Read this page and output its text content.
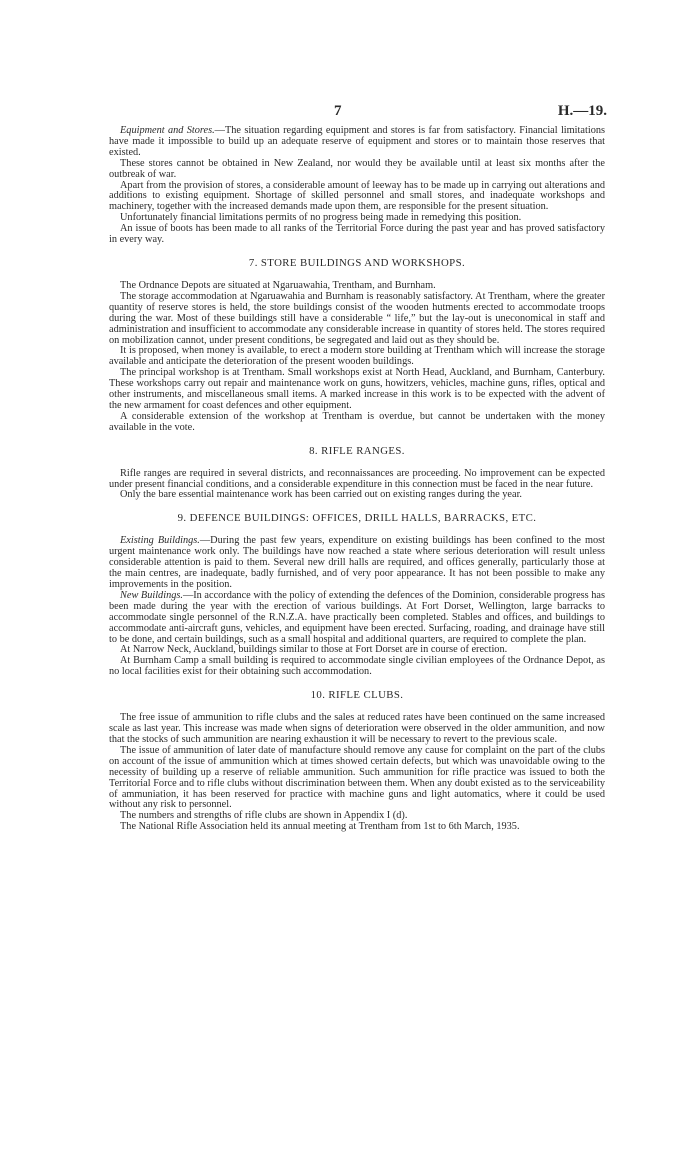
7	H.—19.

Equipment and Stores.—The situation regarding equipment and stores is far from satisfactory. Financial limitations have made it impossible to build up an adequate reserve of equipment and stores or to maintain those reserves that existed.

These stores cannot be obtained in New Zealand, nor would they be available until at least six months after the outbreak of war.

Apart from the provision of stores, a considerable amount of leeway has to be made up in carrying out alterations and additions to existing equipment. Shortage of skilled personnel and small stores, and inadequate workshops and machinery, together with the increased demands made upon them, are responsible for the present situation.

Unfortunately financial limitations permits of no progress being made in remedying this position.

An issue of boots has been made to all ranks of the Territorial Force during the past year and has proved satisfactory in every way.

7. STORE BUILDINGS AND WORKSHOPS.

The Ordnance Depots are situated at Ngaruawahia, Trentham, and Burnham.

The storage accommodation at Ngaruawahia and Burnham is reasonably satisfactory. At Trentham, where the greater quantity of reserve stores is held, the store buildings consist of the wooden hutments erected to accommodate troops during the war. Most of these buildings still have a considerable “ life,” but the lay-out is uneconomical in staff and administration and insufficient to accommodate any considerable increase in quantity of stores held. The stores required on mobilization cannot, under present conditions, be segregated and laid out as they should be.

It is proposed, when money is available, to erect a modern store building at Trentham which will increase the storage available and anticipate the deterioration of the present wooden buildings.

The principal workshop is at Trentham. Small workshops exist at North Head, Auckland, and Burnham, Canterbury. These workshops carry out repair and maintenance work on guns, howitzers, vehicles, machine guns, rifles, optical and other instruments, and miscellaneous small items. A marked increase in this work is to be expected with the advent of the new armament for coast defences and other equipment.

A considerable extension of the workshop at Trentham is overdue, but cannot be undertaken with the money available in the vote.

8. RIFLE RANGES.

Rifle ranges are required in several districts, and reconnaissances are proceeding. No improvement can be expected under present financial conditions, and a considerable expenditure in this connection must be faced in the near future.

Only the bare essential maintenance work has been carried out on existing ranges during the year.

9. DEFENCE BUILDINGS: OFFICES, DRILL HALLS, BARRACKS, ETC.

Existing Buildings.—During the past few years, expenditure on existing buildings has been confined to the most urgent maintenance work only. The buildings have now reached a state where serious deterioration will result unless considerable attention is paid to them. Several new drill halls are required, and offices generally, particularly those at the main centres, are inadequate, badly furnished, and of very poor appearance. It has not been possible to make any improvements in the position.

New Buildings.—In accordance with the policy of extending the defences of the Dominion, considerable progress has been made during the year with the erection of various buildings. At Fort Dorset, Wellington, large barracks to accommodate single personnel of the R.N.Z.A. have practically been completed. Stables and offices, and buildings to accommodate anti-aircraft guns, vehicles, and equipment have been erected. Surfacing, roading, and drainage have still to be done, and certain buildings, such as a small hospital and additional quarters, are required to complete the plan.

At Narrow Neck, Auckland, buildings similar to those at Fort Dorset are in course of erection.

At Burnham Camp a small building is required to accommodate single civilian employees of the Ordnance Depot, as no local facilities exist for their obtaining such accommodation.

10. RIFLE CLUBS.

The free issue of ammunition to rifle clubs and the sales at reduced rates have been continued on the same increased scale as last year. This increase was made when signs of deterioration were observed in the older ammunition, and now that the stocks of such ammunition are nearing exhaustion it will be necessary to revert to the previous scale.

The issue of ammunition of later date of manufacture should remove any cause for complaint on the part of the clubs on account of the issue of ammunition which at times showed certain defects, but which was unavoidable owing to the necessity of building up a reserve of reliable ammunition. Such ammunition for rifle practice was issued to both the Territorial Force and to rifle clubs without discrimination between them. When any doubt existed as to the serviceability of ammuniation, it has been reserved for practice with machine guns and light automatics, where it could be used without any risk to personnel.

The numbers and strengths of rifle clubs are shown in Appendix I (d).

The National Rifle Association held its annual meeting at Trentham from 1st to 6th March, 1935.
